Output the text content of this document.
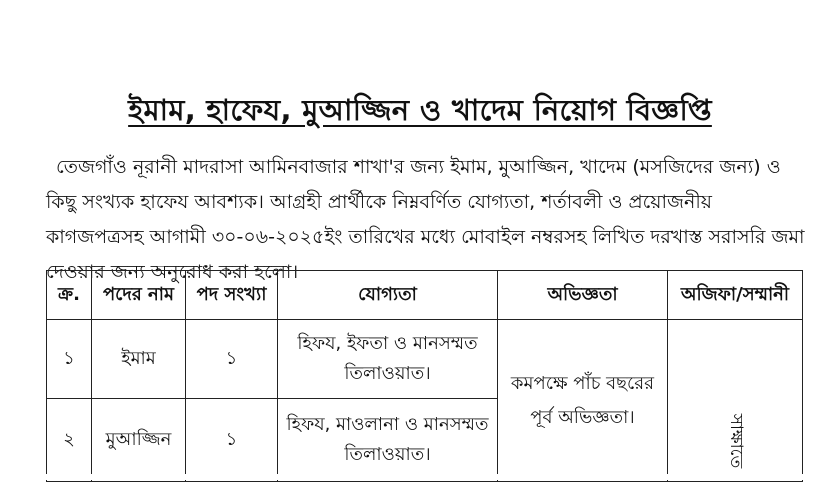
ইমাম, হাফেয, মুআজ্জিন ও খাদেম নিয়োগ বিজ্ঞপ্তি

তেজগাঁও নূরানী মাদরাসা আমিনবাজার শাখা'র জন্য ইমাম, মুআজ্জিন, খাদেম (মসজিদের জন্য) ও কিছু সংখ্যক হাফেয আবশ্যক। আগ্রহী প্রার্থীকে নিম্নবর্ণিত যোগ্যতা, শর্তাবলী ও প্রয়োজনীয় কাগজপত্রসহ আগামী ৩০-০৬-২০২৫ইং তারিখের মধ্যে মোবাইল নম্বরসহ লিখিত দরখাস্ত সরাসরি জমা দেওয়ার জন্য অনুরোধ করা হলো।

ক্র.	পদের নাম	পদ সংখ্যা	যোগ্যতা	অভিজ্ঞতা	অজিফা/সম্মানী
১	ইমাম	১	হিফয, ইফতা ও মানসম্মত তিলাওয়াত।	কমপক্ষে পাঁচ বছরের পূর্ব অভিজ্ঞতা।	সাক্ষাতে
২	মুআজ্জিন	১	হিফয, মাওলানা ও মানসম্মত তিলাওয়াত।		
